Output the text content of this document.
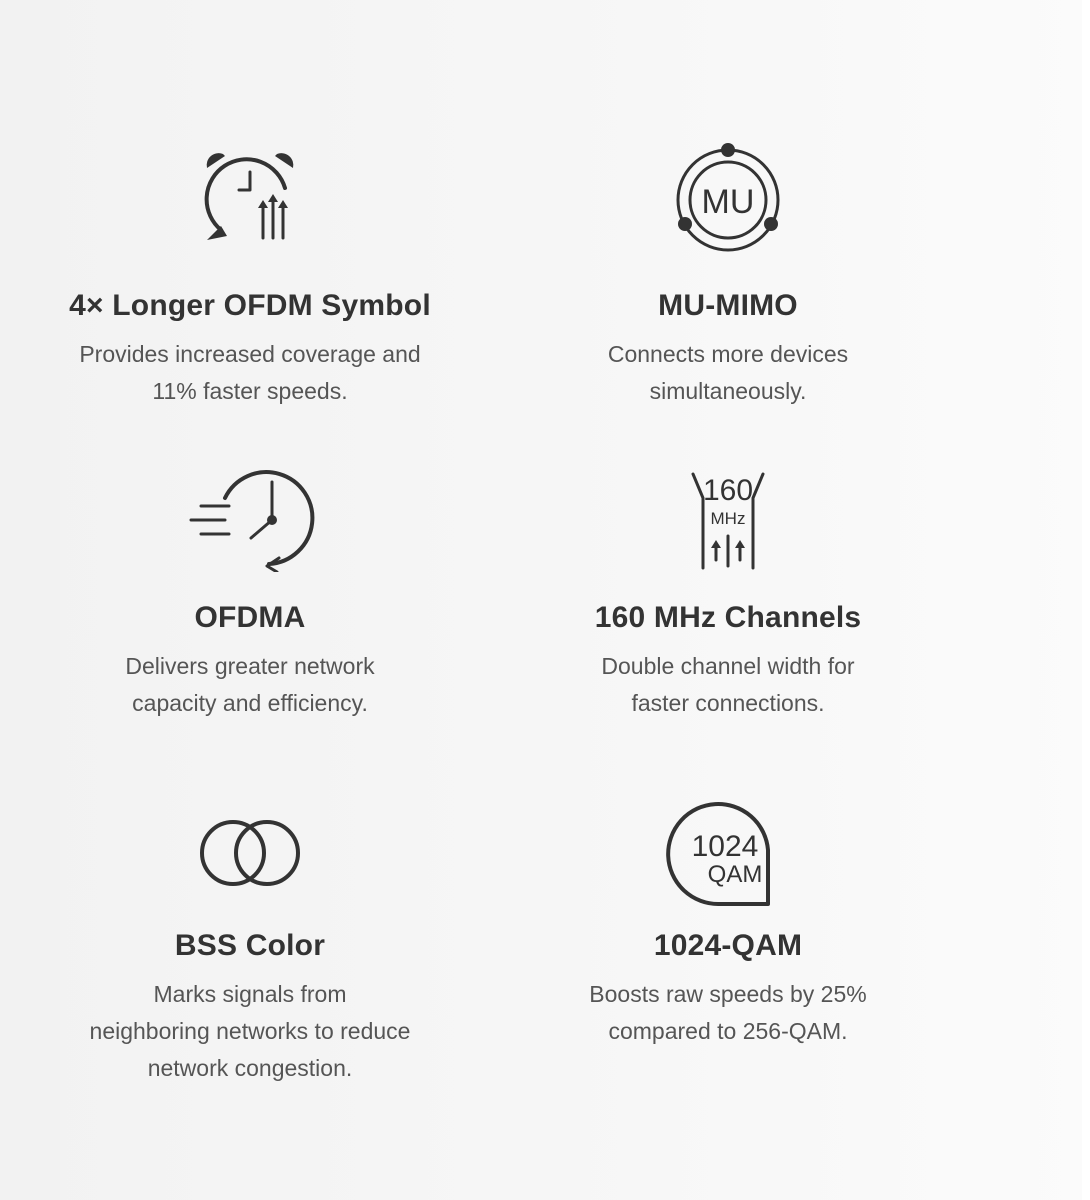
4× Longer OFDM Symbol

Provides increased coverage and
11% faster speeds.

MU

MU-MIMO

Connects more devices
simultaneously.

OFDMA

Delivers greater network
capacity and efficiency.

160
MHz

160 MHz Channels

Double channel width for
faster connections.

BSS Color

Marks signals from
neighboring networks to reduce
network congestion.

1024
QAM

1024-QAM

Boosts raw speeds by 25%
compared to 256-QAM.
